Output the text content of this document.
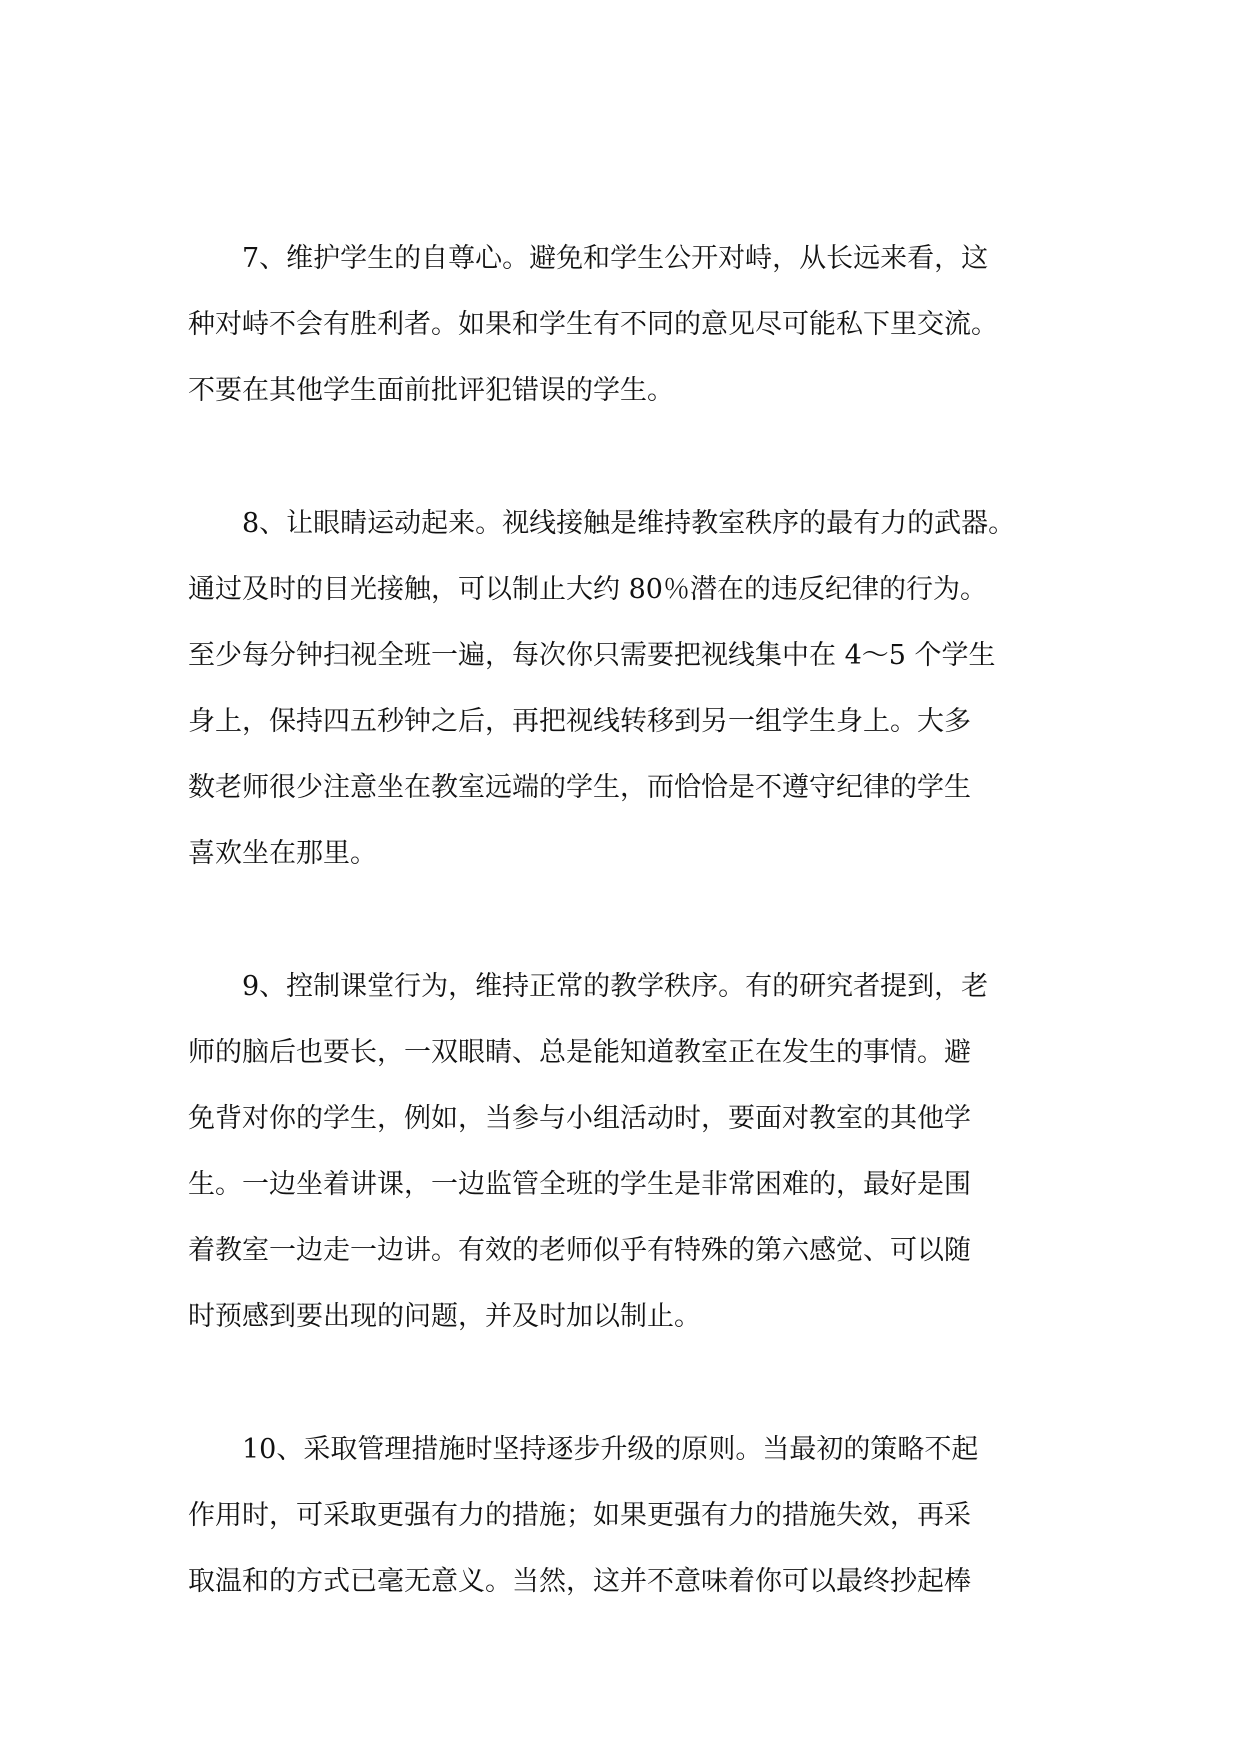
7、维护学生的自尊心。避免和学生公开对峙，从长远来看，这
种对峙不会有胜利者。如果和学生有不同的意见尽可能私下里交流。
不要在其他学生面前批评犯错误的学生。
8、让眼睛运动起来。视线接触是维持教室秩序的最有力的武器。
通过及时的目光接触，可以制止大约 80％潜在的违反纪律的行为。
至少每分钟扫视全班一遍，每次你只需要把视线集中在 4～5 个学生
身上，保持四五秒钟之后，再把视线转移到另一组学生身上。大多
数老师很少注意坐在教室远端的学生，而恰恰是不遵守纪律的学生
喜欢坐在那里。
9、控制课堂行为，维持正常的教学秩序。有的研究者提到，老
师的脑后也要长，一双眼睛、总是能知道教室正在发生的事情。避
免背对你的学生，例如，当参与小组活动时，要面对教室的其他学
生。一边坐着讲课，一边监管全班的学生是非常困难的，最好是围
着教室一边走一边讲。有效的老师似乎有特殊的第六感觉、可以随
时预感到要出现的问题，并及时加以制止。
10、采取管理措施时坚持逐步升级的原则。当最初的策略不起
作用时，可采取更强有力的措施；如果更强有力的措施失效，再采
取温和的方式已毫无意义。当然，这并不意味着你可以最终抄起棒
